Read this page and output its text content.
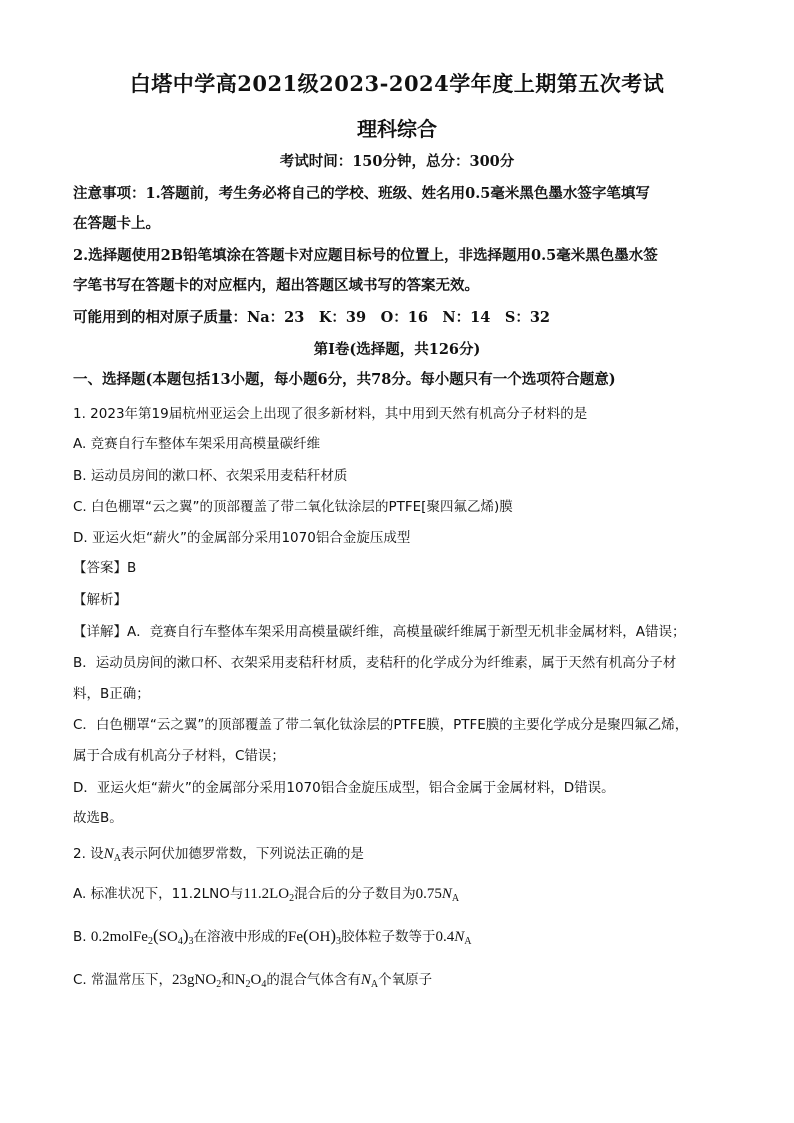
白塔中学高2021级2023-2024学年度上期第五次考试
理科综合
考试时间：150分钟，总分：300分
注意事项：1.答题前，考生务必将自己的学校、班级、姓名用0.5毫米黑色墨水签字笔填写
在答题卡上。
2.选择题使用2B铅笔填涂在答题卡对应题目标号的位置上，非选择题用0.5毫米黑色墨水签
字笔书写在答题卡的对应框内，超出答题区域书写的答案无效。
可能用到的相对原子质量：Na：23　K：39　O：16　N：14　S：32
第Ⅰ卷(选择题，共126分)
一、选择题(本题包括13小题，每小题6分，共78分。每小题只有一个选项符合题意)
1. 2023年第19届杭州亚运会上出现了很多新材料，其中用到天然有机高分子材料的是
A. 竞赛自行车整体车架采用高模量碳纤维
B. 运动员房间的漱口杯、衣架采用麦秸秆材质
C. 白色棚罩“云之翼”的顶部覆盖了带二氧化钛涂层的PTFE[聚四氟乙烯)膜
D. 亚运火炬“薪火”的金属部分采用1070铝合金旋压成型
【答案】B
【解析】
【详解】A．竞赛自行车整体车架采用高模量碳纤维，高模量碳纤维属于新型无机非金属材料，A错误；
B．运动员房间的漱口杯、衣架采用麦秸秆材质，麦秸秆的化学成分为纤维素，属于天然有机高分子材
料，B正确；
C．白色棚罩“云之翼”的顶部覆盖了带二氧化钛涂层的PTFE膜，PTFE膜的主要化学成分是聚四氟乙烯，
属于合成有机高分子材料，C错误；
D．亚运火炬“薪火”的金属部分采用1070铝合金旋压成型，铝合金属于金属材料，D错误。
故选B。
2. 设$N_A$表示阿伏加德罗常数，下列说法正确的是
A. 标准状况下，11.2LNO与$11.2LO_2$混合后的分子数目为$0.75N_A$
B. $0.2molFe_2(SO_4)_3$在溶液中形成的$Fe(OH)_3$胶体粒子数等于$0.4N_A$
C. 常温常压下，23gNO$_2$和$N_2O_4$的混合气体含有$N_A$个氧原子
